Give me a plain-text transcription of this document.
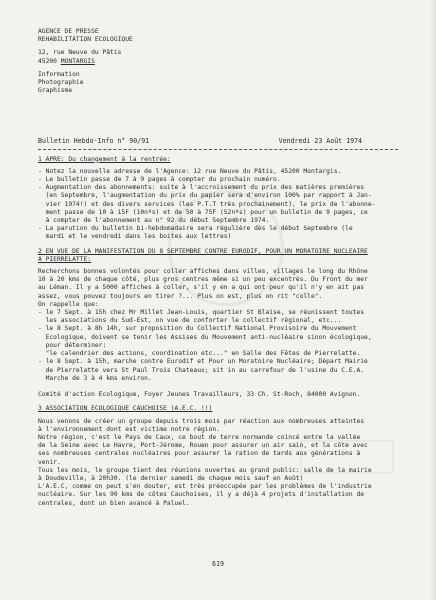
AGENCE DE PRESSE
REHABILITATION ECOLOGIQUE
12, rue Neuve du Pâtis
45200 MONTARGIS
Information
Photographie
Graphisme
Bulletin Hebdo-Info n° 90/91	Vendredi 23 Août 1974
1 APRE: Du changement à la rentrée:
- Notez la nouvelle adresse de l'Agence: 12 rue Neuve du Pâtis, 45200 Montargis.
- Le bulletin passe de 7 à 9 pages à compter du prochain numéro.
- Augmentation des abonnements: suite à l'accroissement du prix des matières premières
(en Septembre, l'augmentation du prix du papier sera d'environ 100% par rapport à Jan-
vier 1974!) et des divers services (les P.T.T très prochainement), le prix de l'abonne-
ment passe de 10 à 15F (10nºs) et de 50 à 75F (52nºs) pour un bulletin de 9 pages, ce
à compter de l'abonnement au n° 92 du début Septembre 1974.
- La parution du bulletin bi-hebdomadaire sera régulière dès le début Septembre (le
mardi et le vendredi dans les boites aux lettres)
2 EN VUE DE LA MANIFESTATION DU 8 SEPTEMBRE CONTRE EURODIF, POUR UN MORATOIRE NUCLEAIRE
A PIERRELATTE:
Recherchons bonnes volontés pour coller affiches dans villes, villages le long du Rhône
10 à 20 kms de chaque côté, plus gros centres même si un peu excentrés. Du Front du mer
au Léman. Il y a 5000 affiches à coller, s'il y en a qui ont peur qu'il n'y en ait pas
assez, vous pouvez toujours en tirer ?... Plus on est, plus on rit "colle".
On rappelle que:
- le 7 Sept. à 15h chez Mr Millet Jean-Louis, quartier St Blaise, se réunissent toutes
les associations du Sud-Est, on vue de conforter le collectif régional, etc...
- le 8 Sept. à 8h 14h, sur proposition du Collectif National Provisoire du Mouvement
Ecologique, doivent se tenir les Assises du Mouvement anti-nucléaire sinon écologique,
pour déterminer:
"le calendrier des actions, coordination etc..." en Salle des Fêtes de Pierrelatte.
- le 8 Sept. à 15h, marche contre Eurodif et Pour un Moratoire Nucléaire; Départ Mairie
de Pierrelatte vers St Paul Trois Chateaux; sit in au carrefour de l'usine du C.E.A.
Marche de 3 à 4 kms environ.
Comité d'action Ecologique, Foyer Jeunes Travailleurs, 33 Ch. St-Roch, 84000 Avignon.
3 ASSOCIATION ECOLOGIQUE CAUCHOISE (A.E.C. !!)
Nous venons de créer un groupe depuis trois mois par réaction aux nombreuses atteintes
à l'environnement dont est victime notre région.
Notre région, c'est le Pays de Caux, ce bout de terre normande coincé entre la vallée
de la Seine avec Le Havre, Port-Jérome, Rouen pour assurer un air sain, et la côte avec
ses nombreuses centrales nucléaires pour assurer la ration de tards aux générations à
venir.
Tous les mois, le groupe tient des réunions ouvertes au grand public: salle de la mairie
à Doudeville, à 20h30. (le dernier samedi de chaque mois sauf en Août)
L'A.E.C, comme on peut s'en douter, est très préoccupée par les problèmes de l'industrie
nucléaire. Sur les 90 kms de côtes Cauchoises, il y a déjà 4 projets d'installation de
centrales, dont un bien avancé à Paluel.
619
